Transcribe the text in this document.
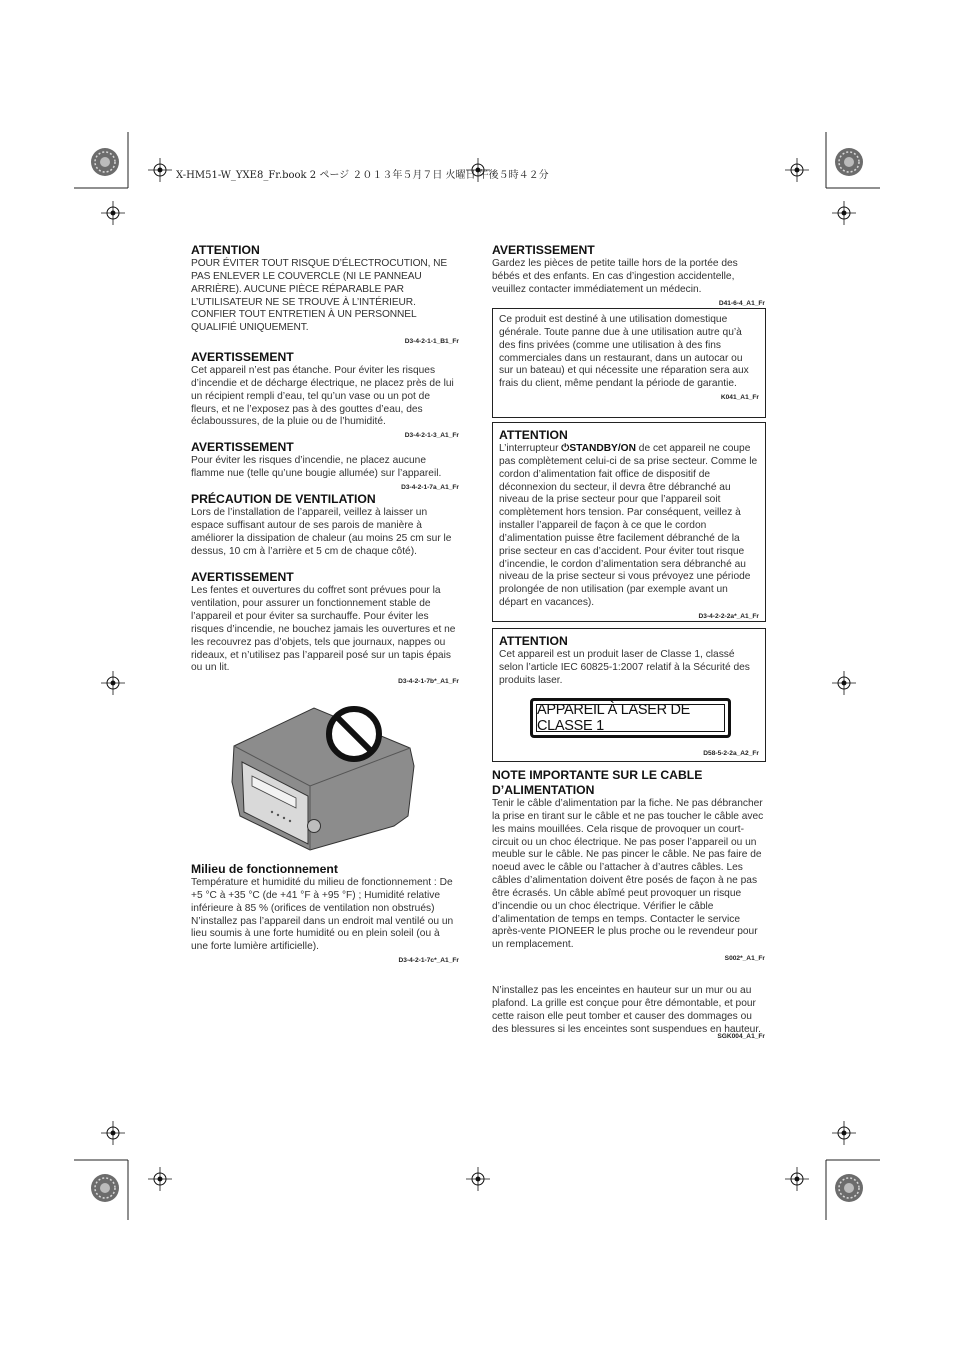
X-HM51-W_YXE8_Fr.book 2 ページ ２０１３年５月７日 火曜日 午後５時４２分

ATTENTION

POUR ÉVITER TOUT RISQUE D’ÉLECTROCUTION, NE PAS ENLEVER LE COUVERCLE (NI LE PANNEAU ARRIÈRE). AUCUNE PIÈCE RÉPARABLE PAR L’UTILISATEUR NE SE TROUVE À L’INTÉRIEUR. CONFIER TOUT ENTRETIEN À UN PERSONNEL QUALIFIÉ UNIQUEMENT.

D3-4-2-1-1_B1_Fr

AVERTISSEMENT

Cet appareil n’est pas étanche. Pour éviter les risques d’incendie et de décharge électrique, ne placez près de lui un récipient rempli d’eau, tel qu’un vase ou un pot de fleurs, et ne l’exposez pas à des gouttes d’eau, des éclaboussures, de la pluie ou de l’humidité.

D3-4-2-1-3_A1_Fr

AVERTISSEMENT

Pour éviter les risques d’incendie, ne placez aucune flamme nue (telle qu’une bougie allumée) sur l’appareil.

D3-4-2-1-7a_A1_Fr

PRÉCAUTION DE VENTILATION

Lors de l’installation de l’appareil, veillez à laisser un espace suffisant autour de ses parois de manière à améliorer la dissipation de chaleur (au moins 25 cm sur le dessus, 10 cm à l’arrière et 5 cm de chaque côté).

AVERTISSEMENT

Les fentes et ouvertures du coffret sont prévues pour la ventilation, pour assurer un fonctionnement stable de l’appareil et pour éviter sa surchauffe. Pour éviter les risques d’incendie, ne bouchez jamais les ouvertures et ne les recouvrez pas d’objets, tels que journaux, nappes ou rideaux, et n’utilisez pas l’appareil posé sur un tapis épais ou un lit.

D3-4-2-1-7b*_A1_Fr

Milieu de fonctionnement

Température et humidité du milieu de fonctionnement : De +5 °C à +35 °C (de +41 °F à +95 °F) ; Humidité relative inférieure à 85 % (orifices de ventilation non obstrués)

N’installez pas l’appareil dans un endroit mal ventilé ou un lieu soumis à une forte humidité ou en plein soleil (ou à une forte lumière artificielle).

D3-4-2-1-7c*_A1_Fr

AVERTISSEMENT

Gardez les pièces de petite taille hors de la portée des bébés et des enfants. En cas d’ingestion accidentelle, veuillez contacter immédiatement un médecin.

D41-6-4_A1_Fr

Ce produit est destiné à une utilisation domestique générale. Toute panne due à une utilisation autre qu’à des fins privées (comme une utilisation à des fins commerciales dans un restaurant, dans un autocar ou sur un bateau) et qui nécessite une réparation sera aux frais du client, même pendant la période de garantie.

K041_A1_Fr

ATTENTION

L’interrupteur ⏻STANDBY/ON de cet appareil ne coupe pas complètement celui-ci de sa prise secteur. Comme le cordon d’alimentation fait office de dispositif de déconnexion du secteur, il devra être débranché au niveau de la prise secteur pour que l’appareil soit complètement hors tension. Par conséquent, veillez à installer l’appareil de façon à ce que le cordon d’alimentation puisse être facilement débranché de la prise secteur en cas d’accident. Pour éviter tout risque d’incendie, le cordon d’alimentation sera débranché au niveau de la prise secteur si vous prévoyez une période prolongée de non utilisation (par exemple avant un départ en vacances).

D3-4-2-2-2a*_A1_Fr

ATTENTION

Cet appareil est un produit laser de Classe 1, classé selon l’article IEC 60825-1:2007 relatif à la Sécurité des produits laser.

D58-5-2-2a_A2_Fr

APPAREIL À LASER DE CLASSE 1

NOTE IMPORTANTE SUR LE CABLE D’ALIMENTATION

Tenir le câble d’alimentation par la fiche. Ne pas débrancher la prise en tirant sur le câble et ne pas toucher le câble avec les mains mouillées. Cela risque de provoquer un court-circuit ou un choc électrique. Ne pas poser l’appareil ou un meuble sur le câble. Ne pas pincer le câble. Ne pas faire de noeud avec le câble ou l’attacher à d’autres câbles. Les câbles d’alimentation doivent être posés de façon à ne pas être écrasés. Un câble abîmé peut provoquer un risque d’incendie ou un choc électrique. Vérifier le câble d’alimentation de temps en temps. Contacter le service après-vente PIONEER le plus proche ou le revendeur pour un remplacement.

S002*_A1_Fr

N’installez pas les enceintes en hauteur sur un mur ou au plafond. La grille est conçue pour être démontable, et pour cette raison elle peut tomber et causer des dommages ou des blessures si les enceintes sont suspendues en hauteur.

SGK004_A1_Fr
